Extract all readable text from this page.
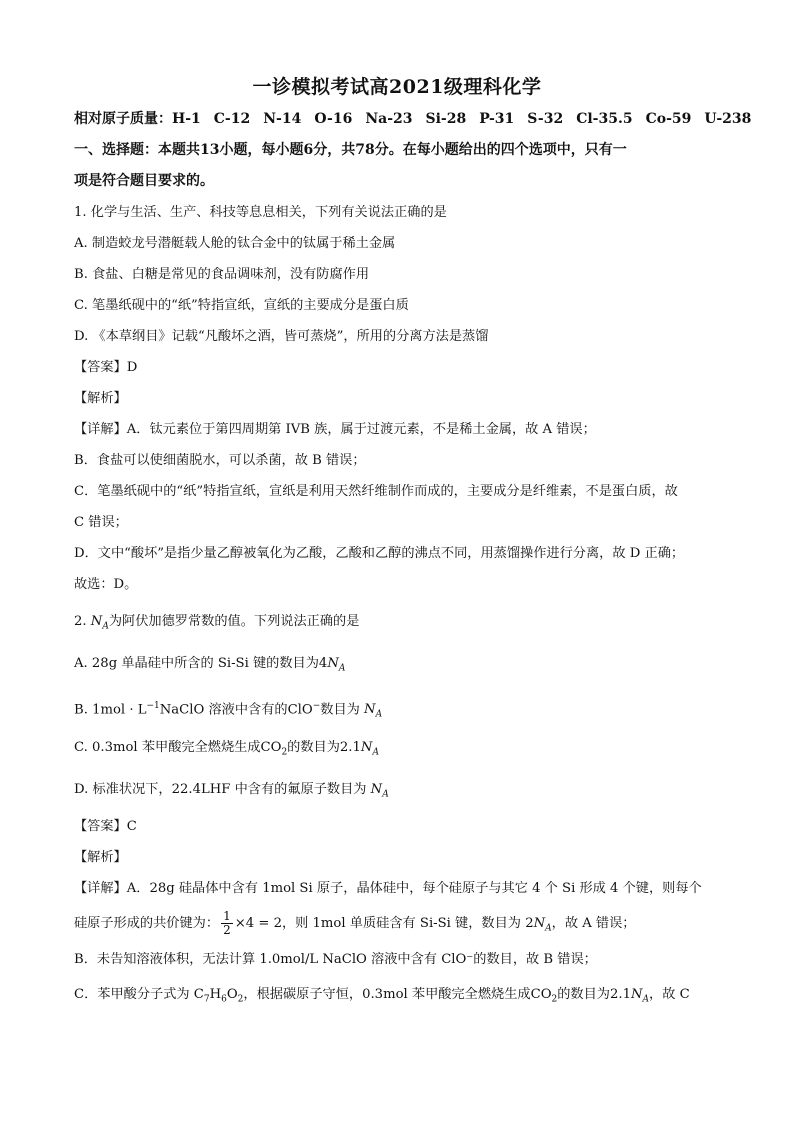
一诊模拟考试高2021级理科化学
相对原子质量：H-1 C-12 N-14 O-16 Na-23 Si-28 P-31 S-32 Cl-35.5 Co-59 U-238
一、选择题：本题共13小题，每小题6分，共78分。在每小题给出的四个选项中，只有一
项是符合题目要求的。
1. 化学与生活、生产、科技等息息相关，下列有关说法正确的是
A. 制造蛟龙号潜艇载人舱的钛合金中的钛属于稀土金属
B. 食盐、白糖是常见的食品调味剂，没有防腐作用
C. 笔墨纸砚中的“纸”特指宣纸，宣纸的主要成分是蛋白质
D. 《本草纲目》记载“凡酸坏之酒，皆可蒸烧”，所用的分离方法是蒸馏
【答案】D
【解析】
【详解】A．钛元素位于第四周期第 IVB 族，属于过渡元素，不是稀土金属，故 A 错误；
B．食盐可以使细菌脱水，可以杀菌，故 B 错误；
C．笔墨纸砚中的“纸”特指宣纸，宣纸是利用天然纤维制作而成的，主要成分是纤维素，不是蛋白质，故
C 错误；
D．文中“酸坏”是指少量乙醇被氧化为乙酸，乙酸和乙醇的沸点不同，用蒸馏操作进行分离，故 D 正确；
故选：D。
2. $N_A$为阿伏加德罗常数的值。下列说法正确的是
A. 28g 单晶硅中所含的 Si-Si 键的数目为$4N_A$
B. $1mol \cdot L^{-1}NaClO$ 溶液中含有的ClO−数目为 $N_A$
C. 0.3mol 苯甲酸完全燃烧生成$CO_2$的数目为$2.1N_A$
D. 标准状况下，22.4LHF 中含有的氟原子数目为 $N_A$
【答案】C
【解析】
【详解】A．28g 硅晶体中含有 1mol Si 原子，晶体硅中，每个硅原子与其它 4 个 Si 形成 4 个键，则每个
硅原子形成的共价键为： $\frac{1}{2} \times 4 = 2$，则 1mol 单质硅含有 Si-Si 键，数目为 $2N_A$，故 A 错误；
B．未告知溶液体积，无法计算 1.0mol/L NaClO 溶液中含有 ClO⁻的数目，故 B 错误；
C．苯甲酸分子式为 $C_7H_6O_2$，根据碳原子守恒，0.3mol 苯甲酸完全燃烧生成$CO_2$的数目为$2.1N_A$，故 C
